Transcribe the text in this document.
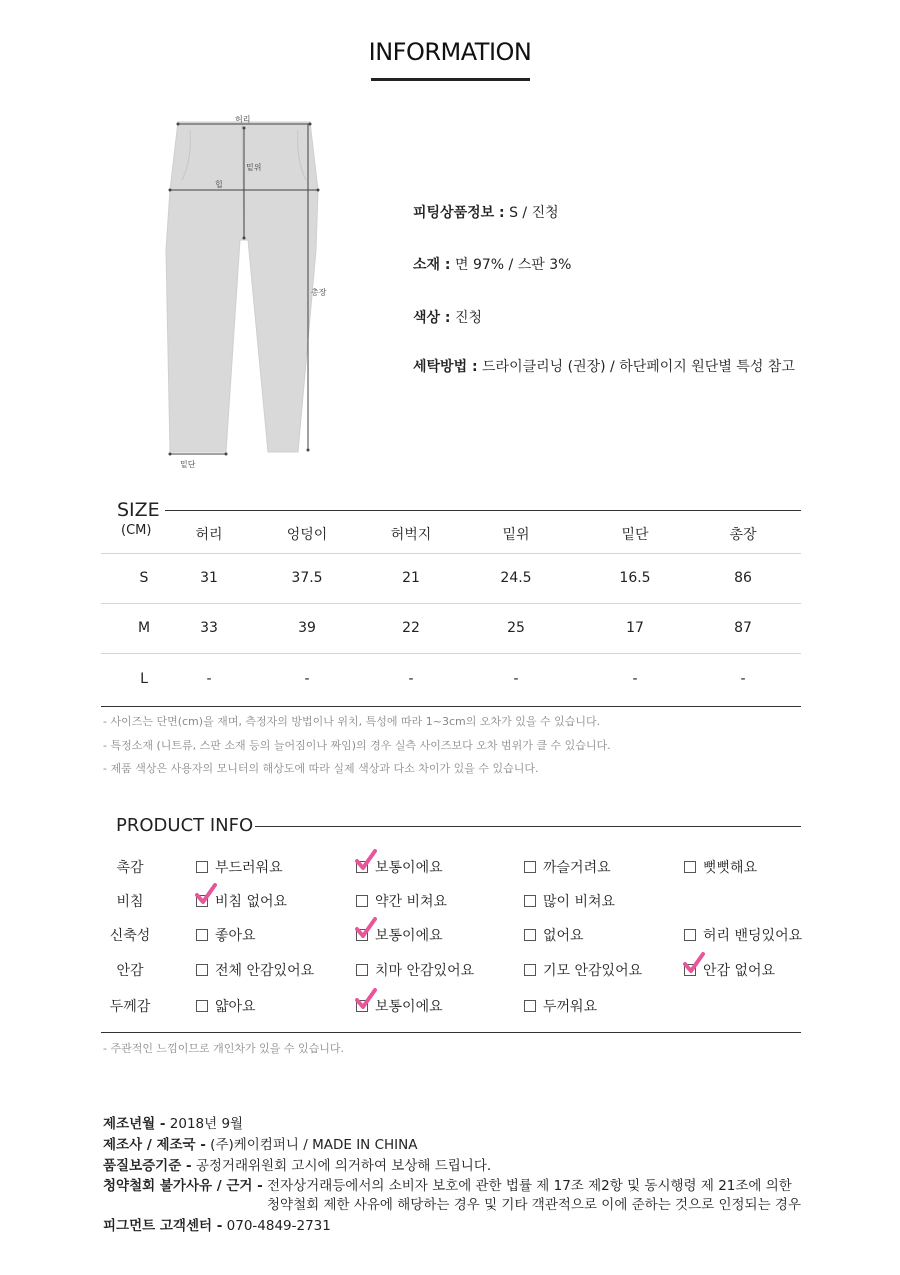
INFORMATION
허리
밑위
힙
총장
밑단
피팅상품정보 : S / 진청
소재 : 면 97% / 스판 3%
색상 : 진청
세탁방법 : 드라이클리닝 (권장) / 하단페이지 원단별 특성 참고
SIZE
(CM)	허리	엉덩이	허벅지	밑위	밑단	총장
S	31	37.5	21	24.5	16.5	86
M	33	39	22	25	17	87
L	-	-	-	-	-	-
- 사이즈는 단면(cm)을 재며, 측정자의 방법이나 위치, 특성에 따라 1~3cm의 오차가 있을 수 있습니다.
- 특정소재 (니트류, 스판 소재 등의 늘어짐이나 짜임)의 경우 실측 사이즈보다 오차 범위가 클 수 있습니다.
- 제품 색상은 사용자의 모니터의 해상도에 따라 실제 색상과 다소 차이가 있을 수 있습니다.
PRODUCT INFO
촉감	부드러워요	보통이에요	까슬거려요	뻣뻣해요
비침	비침 없어요	약간 비쳐요	많이 비쳐요
신축성	좋아요	보통이에요	없어요	허리 밴딩있어요
안감	전체 안감있어요	치마 안감있어요	기모 안감있어요	안감 없어요
두께감	얇아요	보통이에요	두꺼워요
- 주관적인 느낌이므로 개인차가 있을 수 있습니다.
제조년월 - 2018년 9월
제조사 / 제조국 - (주)케이컴퍼니 / MADE IN CHINA
품질보증기준 - 공정거래위원회 고시에 의거하여 보상해 드립니다.
청약철회 불가사유 / 근거 - 전자상거래등에서의 소비자 보호에 관한 법률 제 17조 제2항 및 동시행령 제 21조에 의한
청약철회 제한 사유에 해당하는 경우 및 기타 객관적으로 이에 준하는 것으로 인정되는 경우
피그먼트 고객센터 - 070-4849-2731
